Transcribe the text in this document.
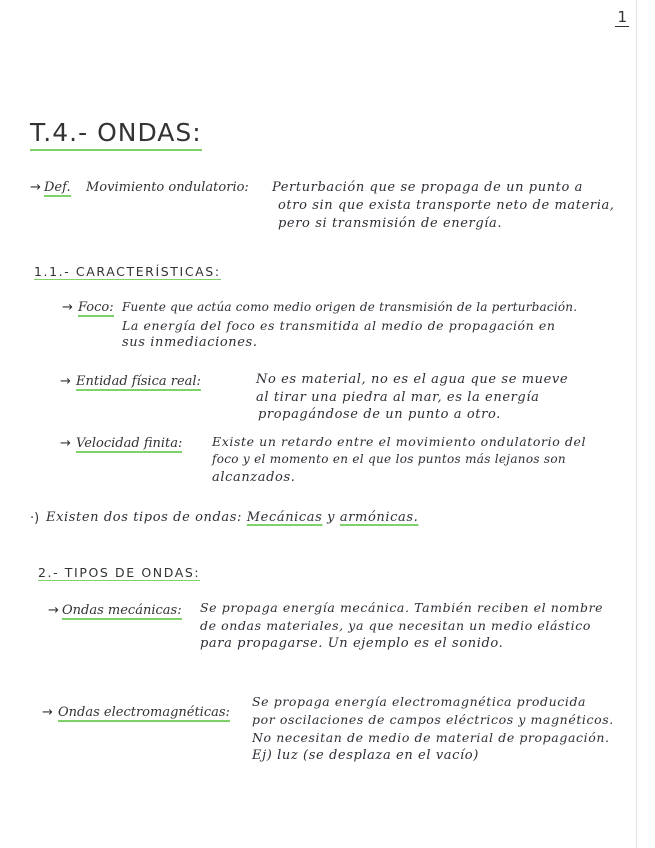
1
T.4.- ONDAS:
→ Def. Movimiento ondulatorio: Perturbación que se propaga de un punto a
otro sin que exista transporte neto de materia,
pero si transmisión de energía.
1.1.- CARACTERÍSTICAS:
→ Foco: Fuente que actúa como medio origen de transmisión de la perturbación.
La energía del foco es transmitida al medio de propagación en
sus inmediaciones.
→ Entidad física real:	No es material, no es el agua que se mueve
al tirar una piedra al mar, es la energía
propagándose de un punto a otro.
→ Velocidad finita: Existe un retardo entre el movimiento ondulatorio del
foco y el momento en el que los puntos más lejanos son
alcanzados.
·) Existen dos tipos de ondas: Mecánicas y armónicas.
2.- TIPOS DE ONDAS:
→ Ondas mecánicas: Se propaga energía mecánica. También reciben el nombre
de ondas materiales, ya que necesitan un medio elástico
para propagarse. Un ejemplo es el sonido.
→ Ondas electromagnéticas:
Se propaga energía electromagnética producida
por oscilaciones de campos eléctricos y magnéticos.
No necesitan de medio de material de propagación.
Ej) luz (se desplaza en el vacío)
